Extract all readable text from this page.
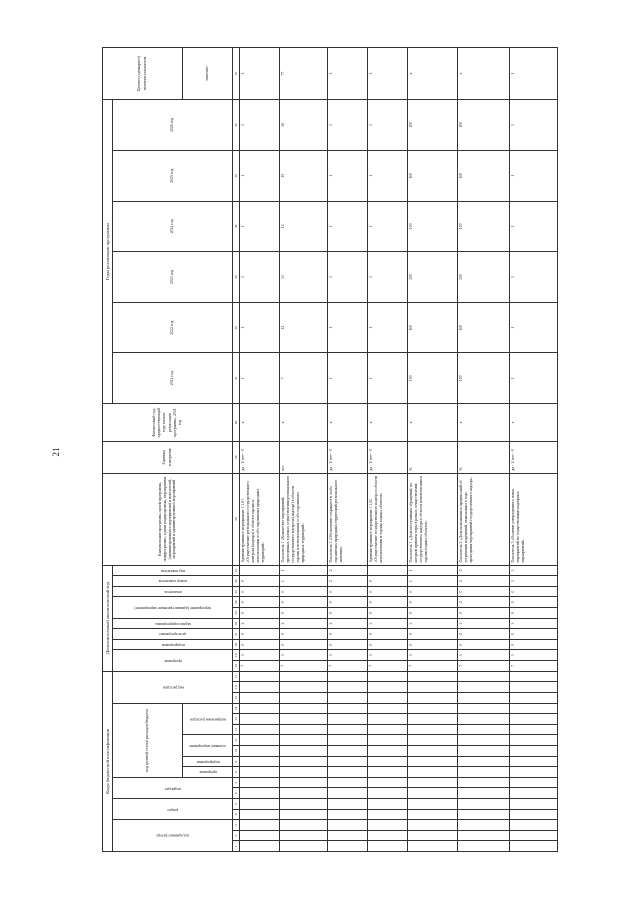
21
Коды бюджетной классификации																	Дополнительный аналитический код										Наименование программы, целей программы, подпрограммы, задачи подпрограммы, мероприятия (административного мероприятия) и показателей, мероприятий и административных мероприятий	Единица измерения	Финансовый год, предшествующий году начала реализации программы, 2021 год	Годы реализации программы						Целевое (суммарное) значение показателя
код администратора			раздел		подраздел		код целевой статьи расходов бюджета							вид расходов			программа		подпрограмма	цель программы	задачи подпрограммы	мероприятие (административное мероприятие)		показатель	номер показателя	вид показателя				2021 год	2022 год	2023 год	2024 год	2025 год	2026 год	
							программа	подпрограмма	основное мероприятие		направление расходов																									значение
1	2	3	4	5	6	7	8	9	10	11	12	13	14	15	16	17	18	19	20	21	22	23	24	25	26	27	28	29	30	31	32	33	34	35	36	37
																	7	3	0	0	2	0	0	0	0		Административное мероприятие 1.1.01 «Осуществление регионального государственного контроля (надзора) в области охраны и использования особо охраняемых природных территорий»	да - 1/ нет - 0	х	1	1	1	1	1	1	1
																	7	3	0	0	2	0	0	0	1	1	Показатель 1 «Количество мероприятий, проведенных в рамках осуществления регионального государственного контроля (надзора) в области охраны и использования особо охраняемых природных территорий»	шт.	х	7	12	13	14	15	16	77
																	7	3	0	0	2	0	0	0	2	2	Показатель 2 «Обеспечение сохранности особо охраняемых природных территорий регионального значения»	да - 1/ нет - 0	х	1	1	1	1	1	1	1
																	7	3	0	0	3	0	0	0	0		Административное мероприятие 1.1.02 «Осуществление государственного надзора в области использования и охраны водных объектов»	да - 1/ нет - 0	х	1	1	1	1	1	1	1
																	7	3	0	0	3	0	0	0	1	1	Показатель 1 «Доля поступивших обращений, по которым приняты меры в рамках осуществления государственного надзора в области использования и охраны водных объектов»	%	х	100	100	100	100	100	100	х
																	7	3	0	0	3	0	0	0	2	2	Показатель 2 «Доля выполненных предписаний об устранении нарушений, выявленных в ходе проведения мероприятий государственного надзора»	%	х	100	100	100	100	100	100	х
																	7	3	0	0	3	0	0	0	3	3	Показатель 3 «Наличие утвержденного плана мероприятий по осуществлению надзорных мероприятий»	да - 1/ нет - 0	х	1	1	1	1	1	1	1
